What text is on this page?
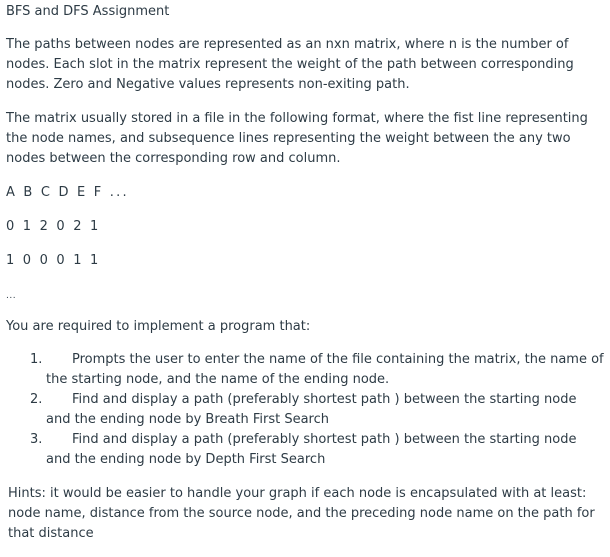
BFS and DFS Assignment

The paths between nodes are represented as an nxn matrix, where n is the number of nodes. Each slot in the matrix represent the weight of the path between corresponding nodes. Zero and Negative values represents non-exiting path.

The matrix usually stored in a file in the following format, where the fist line representing the node names, and subsequence lines representing the weight between the any two nodes between the corresponding row and column.

A B C D E F ...
0 1 2 0 2 1
1 0 0 0 1 1
...

You are required to implement a program that:

1. Prompts the user to enter the name of the file containing the matrix, the name of the starting node, and the name of the ending node.
2. Find and display a path (preferably shortest path ) between the starting node and the ending node by Breath First Search
3. Find and display a path (preferably shortest path ) between the starting node and the ending node by Depth First Search

Hints: it would be easier to handle your graph if each node is encapsulated with at least: node name, distance from the source node, and the preceding node name on the path for that distance
